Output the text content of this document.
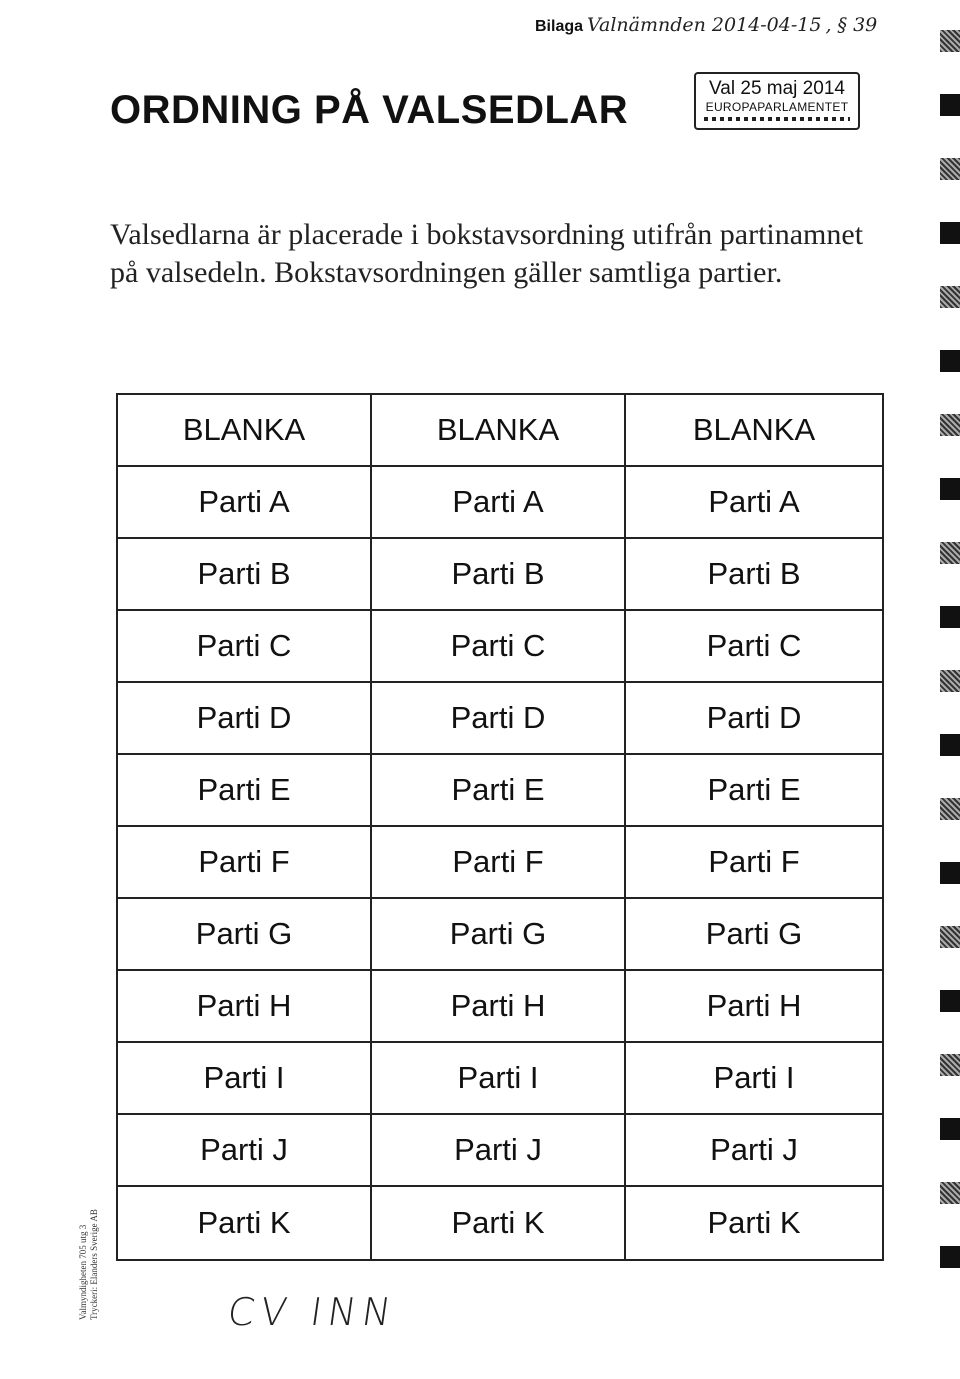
Bilaga Valnämnden 2014-04-15 , § 39
ORDNING PÅ VALSEDLAR	Val 25 maj 2014
EUROPAPARLAMENTET
Valsedlarna är placerade i bokstavsordning utifrån partinamnet på valsedeln. Bokstavsordningen gäller samtliga partier.
BLANKA	BLANKA	BLANKA
Parti A	Parti A	Parti A
Parti B	Parti B	Parti B
Parti C	Parti C	Parti C
Parti D	Parti D	Parti D
Parti E	Parti E	Parti E
Parti F	Parti F	Parti F
Parti G	Parti G	Parti G
Parti H	Parti H	Parti H
Parti I	Parti I	Parti I
Parti J	Parti J	Parti J
Parti K	Parti K	Parti K
Valmyndigheten 705 utg 3 Tryckeri: Elanders Sverige AB	CV INN
